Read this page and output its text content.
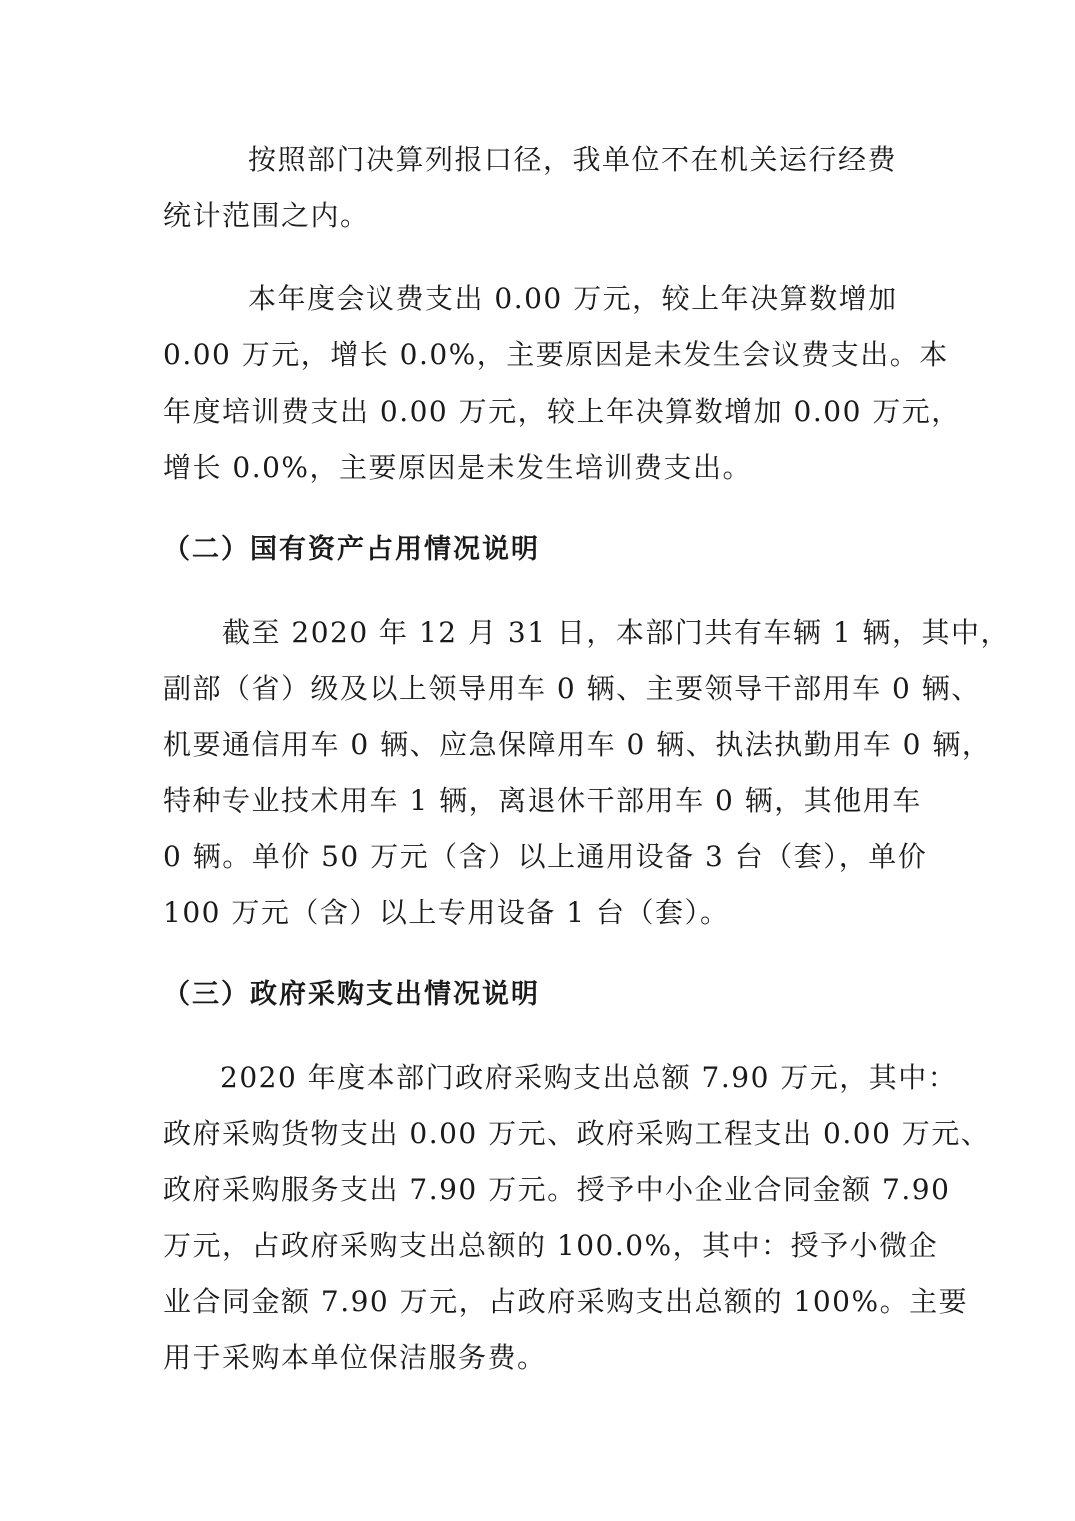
按照部门决算列报口径，我单位不在机关运行经费
统计范围之内。
本年度会议费支出 0.00 万元，较上年决算数增加
0.00 万元，增长 0.0%，主要原因是未发生会议费支出。本
年度培训费支出 0.00 万元，较上年决算数增加 0.00 万元，
增长 0.0%，主要原因是未发生培训费支出。
（二）国有资产占用情况说明
截至 2020 年 12 月 31 日，本部门共有车辆 1 辆，其中，
副部（省）级及以上领导用车 0 辆、主要领导干部用车 0 辆、
机要通信用车 0 辆、应急保障用车 0 辆、执法执勤用车 0 辆，
特种专业技术用车 1 辆，离退休干部用车 0 辆，其他用车
0 辆。单价 50 万元（含）以上通用设备 3 台（套），单价
100 万元（含）以上专用设备 1 台（套）。
（三）政府采购支出情况说明
2020 年度本部门政府采购支出总额 7.90 万元，其中：
政府采购货物支出 0.00 万元、政府采购工程支出 0.00 万元、
政府采购服务支出 7.90 万元。授予中小企业合同金额 7.90
万元，占政府采购支出总额的 100.0%，其中：授予小微企
业合同金额 7.90 万元，占政府采购支出总额的 100%。主要
用于采购本单位保洁服务费。
